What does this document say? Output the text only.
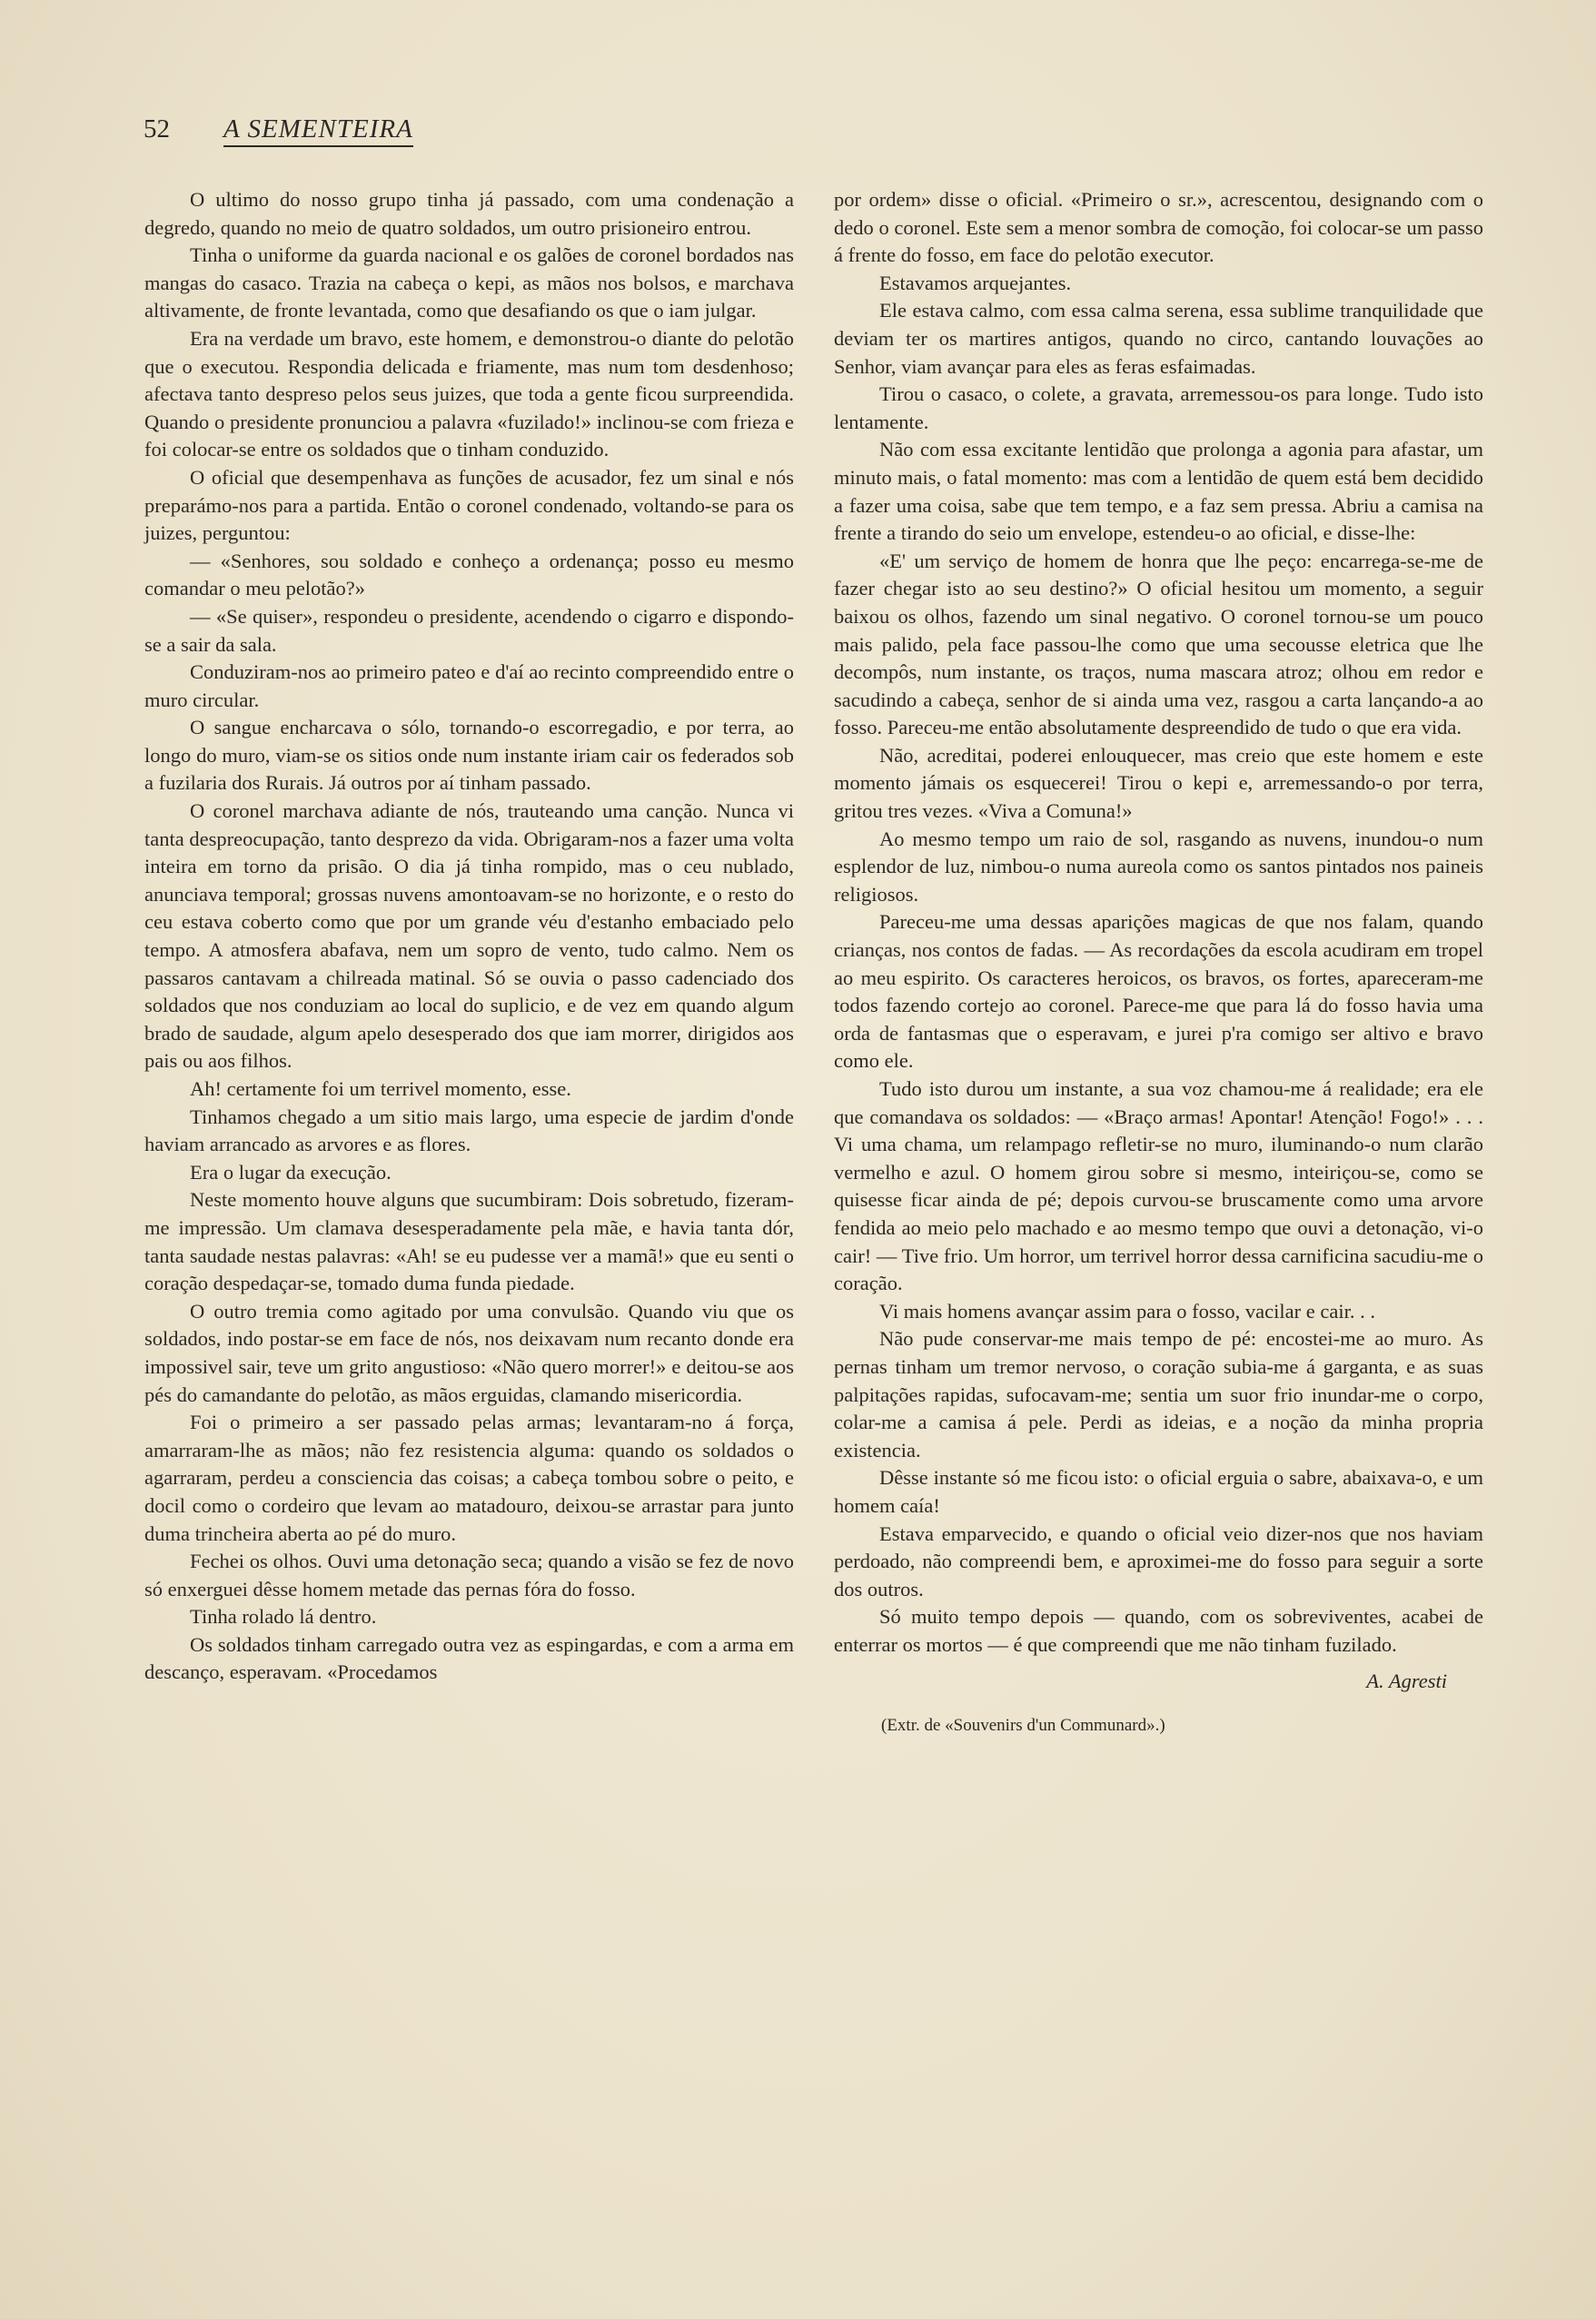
52 A SEMENTEIRA

O ultimo do nosso grupo tinha já passado, com uma condenação a degredo, quando no meio de quatro soldados, um outro prisioneiro entrou.

Tinha o uniforme da guarda nacional e os galões de coronel bordados nas mangas do casaco. Trazia na cabeça o kepi, as mãos nos bolsos, e marchava altivamente, de fronte levantada, como que desafiando os que o iam julgar.

Era na verdade um bravo, este homem, e demonstrou-o diante do pelotão que o executou. Respondia delicada e friamente, mas num tom desdenhoso; afectava tanto despreso pelos seus juizes, que toda a gente ficou surpreendida. Quando o presidente pronunciou a palavra «fuzilado!» inclinou-se com frieza e foi colocar-se entre os soldados que o tinham conduzido.

O oficial que desempenhava as funções de acusador, fez um sinal e nós preparámo-nos para a partida. Então o coronel condenado, voltando-se para os juizes, perguntou:

— «Senhores, sou soldado e conheço a ordenança; posso eu mesmo comandar o meu pelotão?»

— «Se quiser», respondeu o presidente, acendendo o cigarro e dispondo-se a sair da sala.

Conduziram-nos ao primeiro pateo e d'aí ao recinto compreendido entre o muro circular.

O sangue encharcava o sólo, tornando-o escorregadio, e por terra, ao longo do muro, viam-se os sitios onde num instante iriam cair os federados sob a fuzilaria dos Rurais. Já outros por aí tinham passado.

O coronel marchava adiante de nós, trauteando uma canção. Nunca vi tanta despreocupação, tanto desprezo da vida. Obrigaram-nos a fazer uma volta inteira em torno da prisão. O dia já tinha rompido, mas o ceu nublado, anunciava temporal; grossas nuvens amontoavam-se no horizonte, e o resto do ceu estava coberto como que por um grande véu d'estanho embaciado pelo tempo. A atmosfera abafava, nem um sopro de vento, tudo calmo. Nem os passaros cantavam a chilreada matinal. Só se ouvia o passo cadenciado dos soldados que nos conduziam ao local do suplicio, e de vez em quando algum brado de saudade, algum apelo desesperado dos que iam morrer, dirigidos aos pais ou aos filhos.

Ah! certamente foi um terrivel momento, esse.

Tinhamos chegado a um sitio mais largo, uma especie de jardim d'onde haviam arrancado as arvores e as flores.

Era o lugar da execução.

Neste momento houve alguns que sucumbiram: Dois sobretudo, fizeram-me impressão. Um clamava desesperadamente pela mãe, e havia tanta dór, tanta saudade nestas palavras: «Ah! se eu pudesse ver a mamã!» que eu senti o coração despedaçar-se, tomado duma funda piedade.

O outro tremia como agitado por uma convulsão. Quando viu que os soldados, indo postar-se em face de nós, nos deixavam num recanto donde era impossivel sair, teve um grito angustioso: «Não quero morrer!» e deitou-se aos pés do camandante do pelotão, as mãos erguidas, clamando misericordia.

Foi o primeiro a ser passado pelas armas; levantaram-no á força, amarraram-lhe as mãos; não fez resistencia alguma: quando os soldados o agarraram, perdeu a consciencia das coisas; a cabeça tombou sobre o peito, e docil como o cordeiro que levam ao matadouro, deixou-se arrastar para junto duma trincheira aberta ao pé do muro.

Fechei os olhos. Ouvi uma detonação seca; quando a visão se fez de novo só enxerguei dêsse homem metade das pernas fóra do fosso.

Tinha rolado lá dentro.

Os soldados tinham carregado outra vez as espingardas, e com a arma em descanço, esperavam. «Procedamos

por ordem» disse o oficial. «Primeiro o sr.», acrescentou, designando com o dedo o coronel. Este sem a menor sombra de comoção, foi colocar-se um passo á frente do fosso, em face do pelotão executor.

Estavamos arquejantes.

Ele estava calmo, com essa calma serena, essa sublime tranquilidade que deviam ter os martires antigos, quando no circo, cantando louvações ao Senhor, viam avançar para eles as feras esfaimadas.

Tirou o casaco, o colete, a gravata, arremessou-os para longe. Tudo isto lentamente.

Não com essa excitante lentidão que prolonga a agonia para afastar, um minuto mais, o fatal momento: mas com a lentidão de quem está bem decidido a fazer uma coisa, sabe que tem tempo, e a faz sem pressa. Abriu a camisa na frente a tirando do seio um envelope, estendeu-o ao oficial, e disse-lhe:

«E' um serviço de homem de honra que lhe peço: encarrega-se-me de fazer chegar isto ao seu destino?» O oficial hesitou um momento, a seguir baixou os olhos, fazendo um sinal negativo. O coronel tornou-se um pouco mais palido, pela face passou-lhe como que uma secousse eletrica que lhe decompôs, num instante, os traços, numa mascara atroz; olhou em redor e sacudindo a cabeça, senhor de si ainda uma vez, rasgou a carta lançando-a ao fosso. Pareceu-me então absolutamente despreendido de tudo o que era vida.

Não, acreditai, poderei enlouquecer, mas creio que este homem e este momento jámais os esquecerei! Tirou o kepi e, arremessando-o por terra, gritou tres vezes. «Viva a Comuna!»

Ao mesmo tempo um raio de sol, rasgando as nuvens, inundou-o num esplendor de luz, nimbou-o numa aureola como os santos pintados nos paineis religiosos.

Pareceu-me uma dessas aparições magicas de que nos falam, quando crianças, nos contos de fadas. — As recordações da escola acudiram em tropel ao meu espirito. Os caracteres heroicos, os bravos, os fortes, apareceram-me todos fazendo cortejo ao coronel. Parece-me que para lá do fosso havia uma orda de fantasmas que o esperavam, e jurei p'ra comigo ser altivo e bravo como ele.

Tudo isto durou um instante, a sua voz chamou-me á realidade; era ele que comandava os soldados: — «Braço armas! Apontar! Atenção! Fogo!» . . . Vi uma chama, um relampago refletir-se no muro, iluminando-o num clarão vermelho e azul. O homem girou sobre si mesmo, inteiriçou-se, como se quisesse ficar ainda de pé; depois curvou-se bruscamente como uma arvore fendida ao meio pelo machado e ao mesmo tempo que ouvi a detonação, vi-o cair! — Tive frio. Um horror, um terrivel horror dessa carnificina sacudiu-me o coração.

Vi mais homens avançar assim para o fosso, vacilar e cair. . .

Não pude conservar-me mais tempo de pé: encostei-me ao muro. As pernas tinham um tremor nervoso, o coração subia-me á garganta, e as suas palpitações rapidas, sufocavam-me; sentia um suor frio inundar-me o corpo, colar-me a camisa á pele. Perdi as ideias, e a noção da minha propria existencia.

Dêsse instante só me ficou isto: o oficial erguia o sabre, abaixava-o, e um homem caía!

Estava emparvecido, e quando o oficial veio dizer-nos que nos haviam perdoado, não compreendi bem, e aproximei-me do fosso para seguir a sorte dos outros.

Só muito tempo depois — quando, com os sobreviventes, acabei de enterrar os mortos — é que compreendi que me não tinham fuzilado.

A. Agresti

(Extr. de «Souvenirs d'un Communard».)
